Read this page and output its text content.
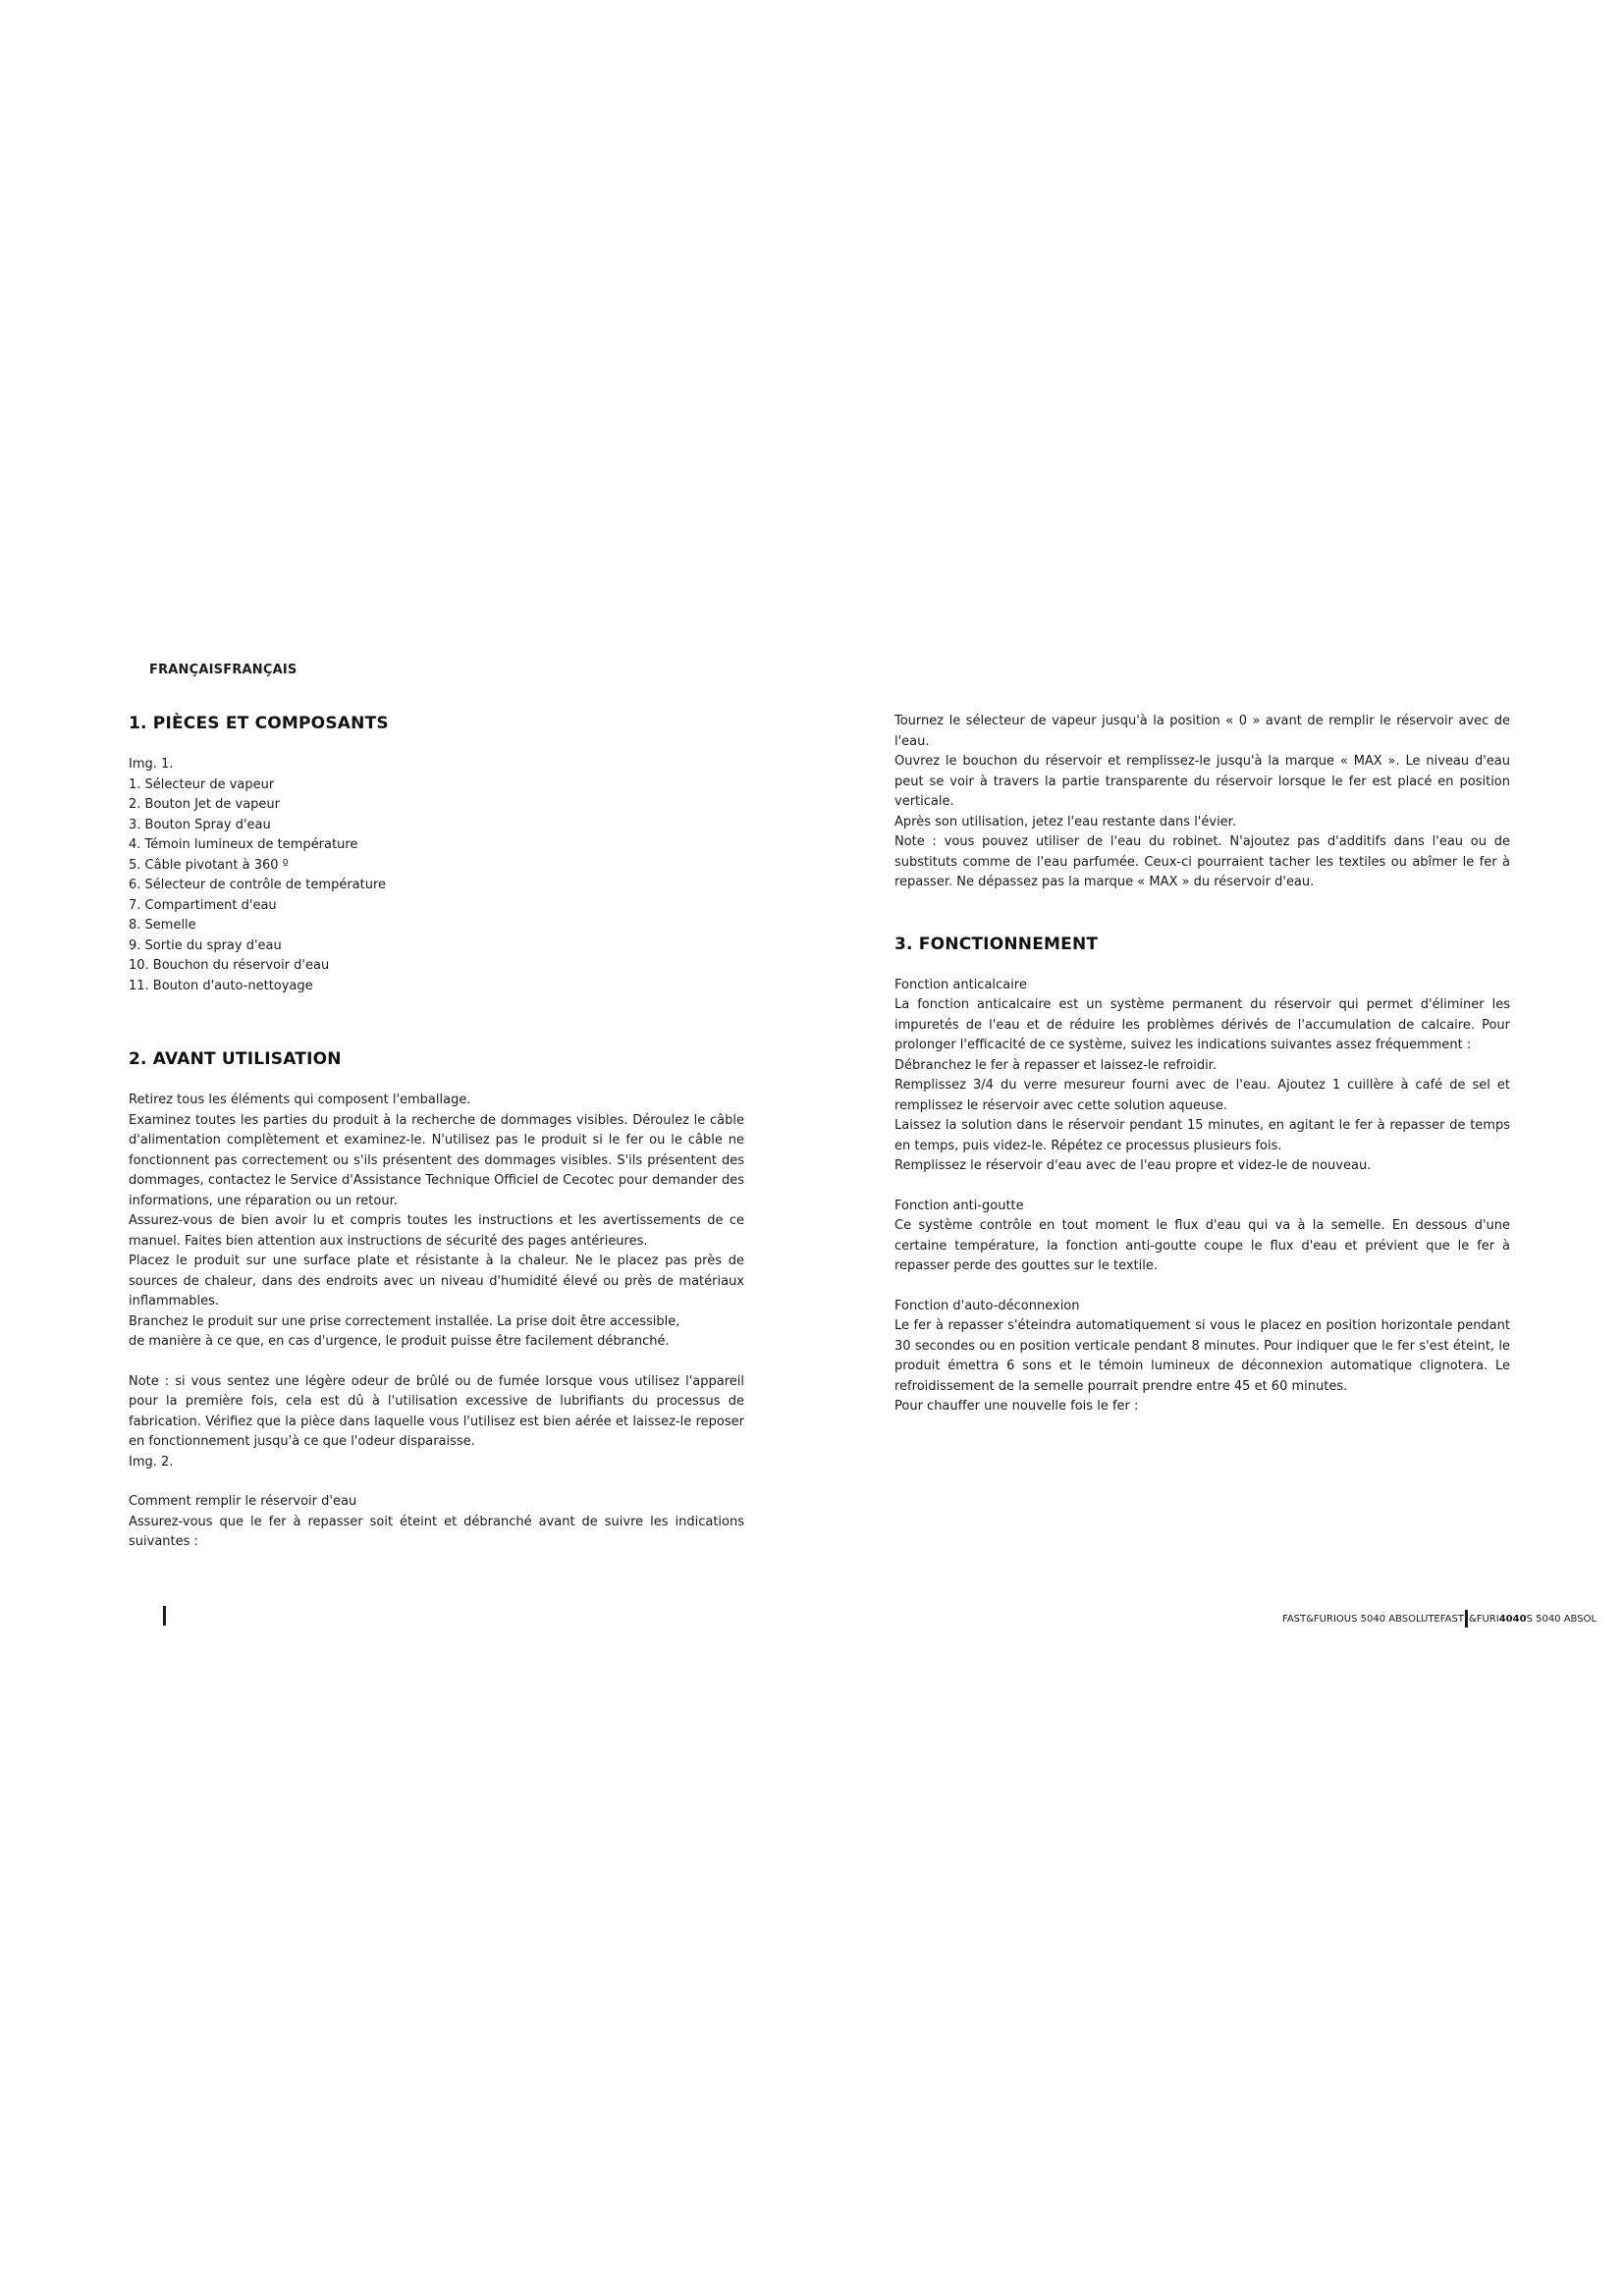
FRANÇAISFRANÇAIS
1. PIÈCES ET COMPOSANTS
Img. 1.
1. Sélecteur de vapeur
2. Bouton Jet de vapeur
3. Bouton Spray d'eau
4. Témoin lumineux de température
5. Câble pivotant à 360 º
6. Sélecteur de contrôle de température
7. Compartiment d'eau
8. Semelle
9. Sortie du spray d'eau
10. Bouchon du réservoir d'eau
11. Bouton d'auto-nettoyage
2. AVANT UTILISATION

Retirez tous les éléments qui composent l'emballage.

Examinez toutes les parties du produit à la recherche de dommages visibles. Déroulez le câble d'alimentation complètement et examinez-le. N'utilisez pas le produit si le fer ou le câble ne fonctionnent pas correctement ou s'ils présentent des dommages visibles. S'ils présentent des dommages, contactez le Service d'Assistance Technique Officiel de Cecotec pour demander des informations, une réparation ou un retour.

Assurez-vous de bien avoir lu et compris toutes les instructions et les avertissements de ce manuel. Faites bien attention aux instructions de sécurité des pages antérieures.

Placez le produit sur une surface plate et résistante à la chaleur. Ne le placez pas près de sources de chaleur, dans des endroits avec un niveau d'humidité élevé ou près de matériaux inflammables.

Branchez le produit sur une prise correctement installée. La prise doit être accessible,

de manière à ce que, en cas d'urgence, le produit puisse être facilement débranché.

Note : si vous sentez une légère odeur de brûlé ou de fumée lorsque vous utilisez l'appareil pour la première fois, cela est dû à l'utilisation excessive de lubrifiants du processus de fabrication. Vérifiez que la pièce dans laquelle vous l'utilisez est bien aérée et laissez-le reposer en fonctionnement jusqu'à ce que l'odeur disparaisse.

Img. 2.
Comment remplir le réservoir d'eau

Assurez-vous que le fer à repasser soit éteint et débranché avant de suivre les indications suivantes :

Tournez le sélecteur de vapeur jusqu'à la position « 0 » avant de remplir le réservoir avec de l'eau.

Ouvrez le bouchon du réservoir et remplissez-le jusqu'à la marque « MAX ». Le niveau d'eau peut se voir à travers la partie transparente du réservoir lorsque le fer est placé en position verticale.

Après son utilisation, jetez l'eau restante dans l'évier.

Note : vous pouvez utiliser de l'eau du robinet. N'ajoutez pas d'additifs dans l'eau ou de substituts comme de l'eau parfumée. Ceux-ci pourraient tacher les textiles ou abîmer le fer à repasser. Ne dépassez pas la marque « MAX » du réservoir d'eau.

3. FONCTIONNEMENT
Fonction anticalcaire

La fonction anticalcaire est un système permanent du réservoir qui permet d'éliminer les impuretés de l'eau et de réduire les problèmes dérivés de l'accumulation de calcaire. Pour prolonger l'efficacité de ce système, suivez les indications suivantes assez fréquemment :

Débranchez le fer à repasser et laissez-le refroidir.

Remplissez 3/4 du verre mesureur fourni avec de l'eau. Ajoutez 1 cuillère à café de sel et remplissez le réservoir avec cette solution aqueuse.

Laissez la solution dans le réservoir pendant 15 minutes, en agitant le fer à repasser de temps en temps, puis videz-le. Répétez ce processus plusieurs fois.

Remplissez le réservoir d'eau avec de l'eau propre et videz-le de nouveau.

Fonction anti-goutte

Ce système contrôle en tout moment le flux d'eau qui va à la semelle. En dessous d'une certaine température, la fonction anti-goutte coupe le flux d'eau et prévient que le fer à repasser perde des gouttes sur le textile.

Fonction d'auto-déconnexion

Le fer à repasser s'éteindra automatiquement si vous le placez en position horizontale pendant 30 secondes ou en position verticale pendant 8 minutes. Pour indiquer que le fer s'est éteint, le produit émettra 6 sons et le témoin lumineux de déconnexion automatique clignotera. Le refroidissement de la semelle pourrait prendre entre 45 et 60 minutes.

Pour chauffer une nouvelle fois le fer :

FAST&FURIOUS 5040 ABSOLUTEFAST &FURI4040S 5040 ABSOL
